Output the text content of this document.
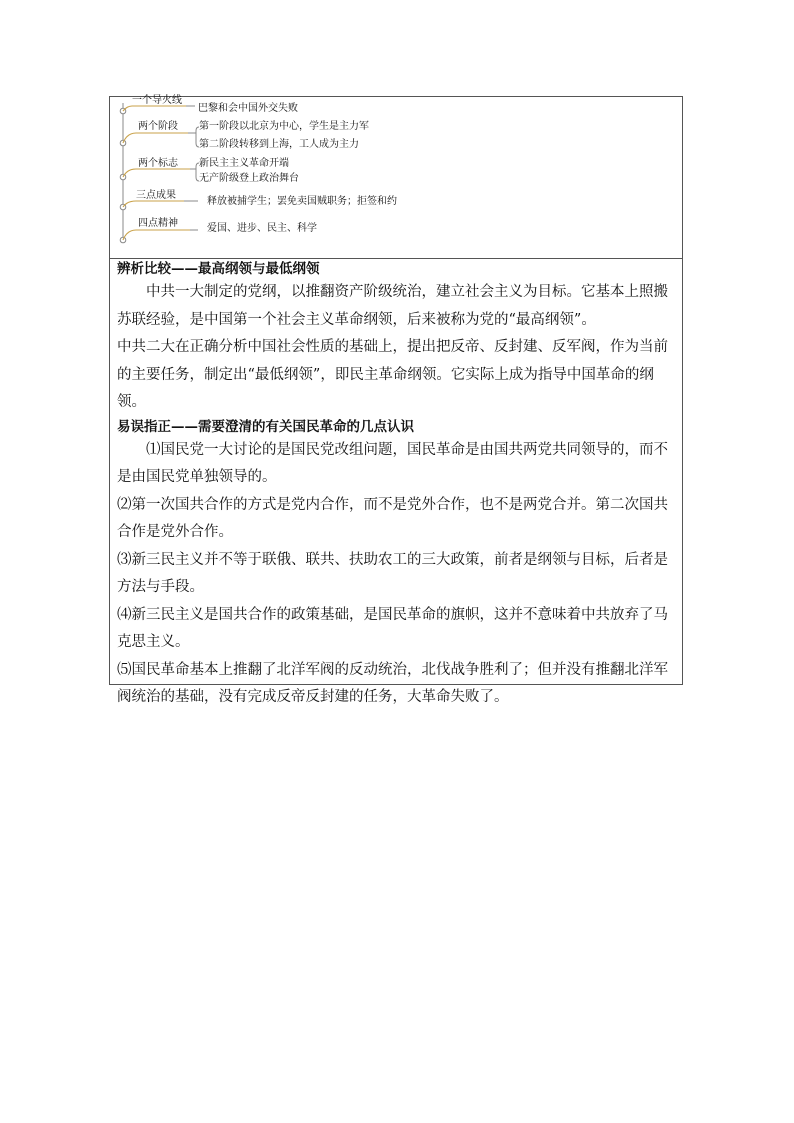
一个导火线
巴黎和会中国外交失败
两个阶段 第一阶段以北京为中心，学生是主力军
第二阶段转移到上海，工人成为主力
两个标志 新民主主义革命开端
无产阶级登上政治舞台
三点成果
释放被捕学生；罢免卖国贼职务；拒签和约
四点精神	爱国、进步、民主、科学

辨析比较——最高纲领与最低纲领

中共一大制定的党纲，以推翻资产阶级统治，建立社会主义为目标。它基本上照搬苏联经验，是中国第一个社会主义革命纲领，后来被称为党的“最高纲领”。

中共二大在正确分析中国社会性质的基础上，提出把反帝、反封建、反军阀，作为当前的主要任务，制定出“最低纲领”，即民主革命纲领。它实际上成为指导中国革命的纲领。

易误指正——需要澄清的有关国民革命的几点认识

⑴国民党一大讨论的是国民党改组问题，国民革命是由国共两党共同领导的，而不是由国民党单独领导的。

⑵第一次国共合作的方式是党内合作，而不是党外合作，也不是两党合并。第二次国共合作是党外合作。

⑶新三民主义并不等于联俄、联共、扶助农工的三大政策，前者是纲领与目标，后者是方法与手段。

⑷新三民主义是国共合作的政策基础，是国民革命的旗帜，这并不意味着中共放弃了马克思主义。

⑸国民革命基本上推翻了北洋军阀的反动统治，北伐战争胜利了；但并没有推翻北洋军阀统治的基础，没有完成反帝反封建的任务，大革命失败了。
